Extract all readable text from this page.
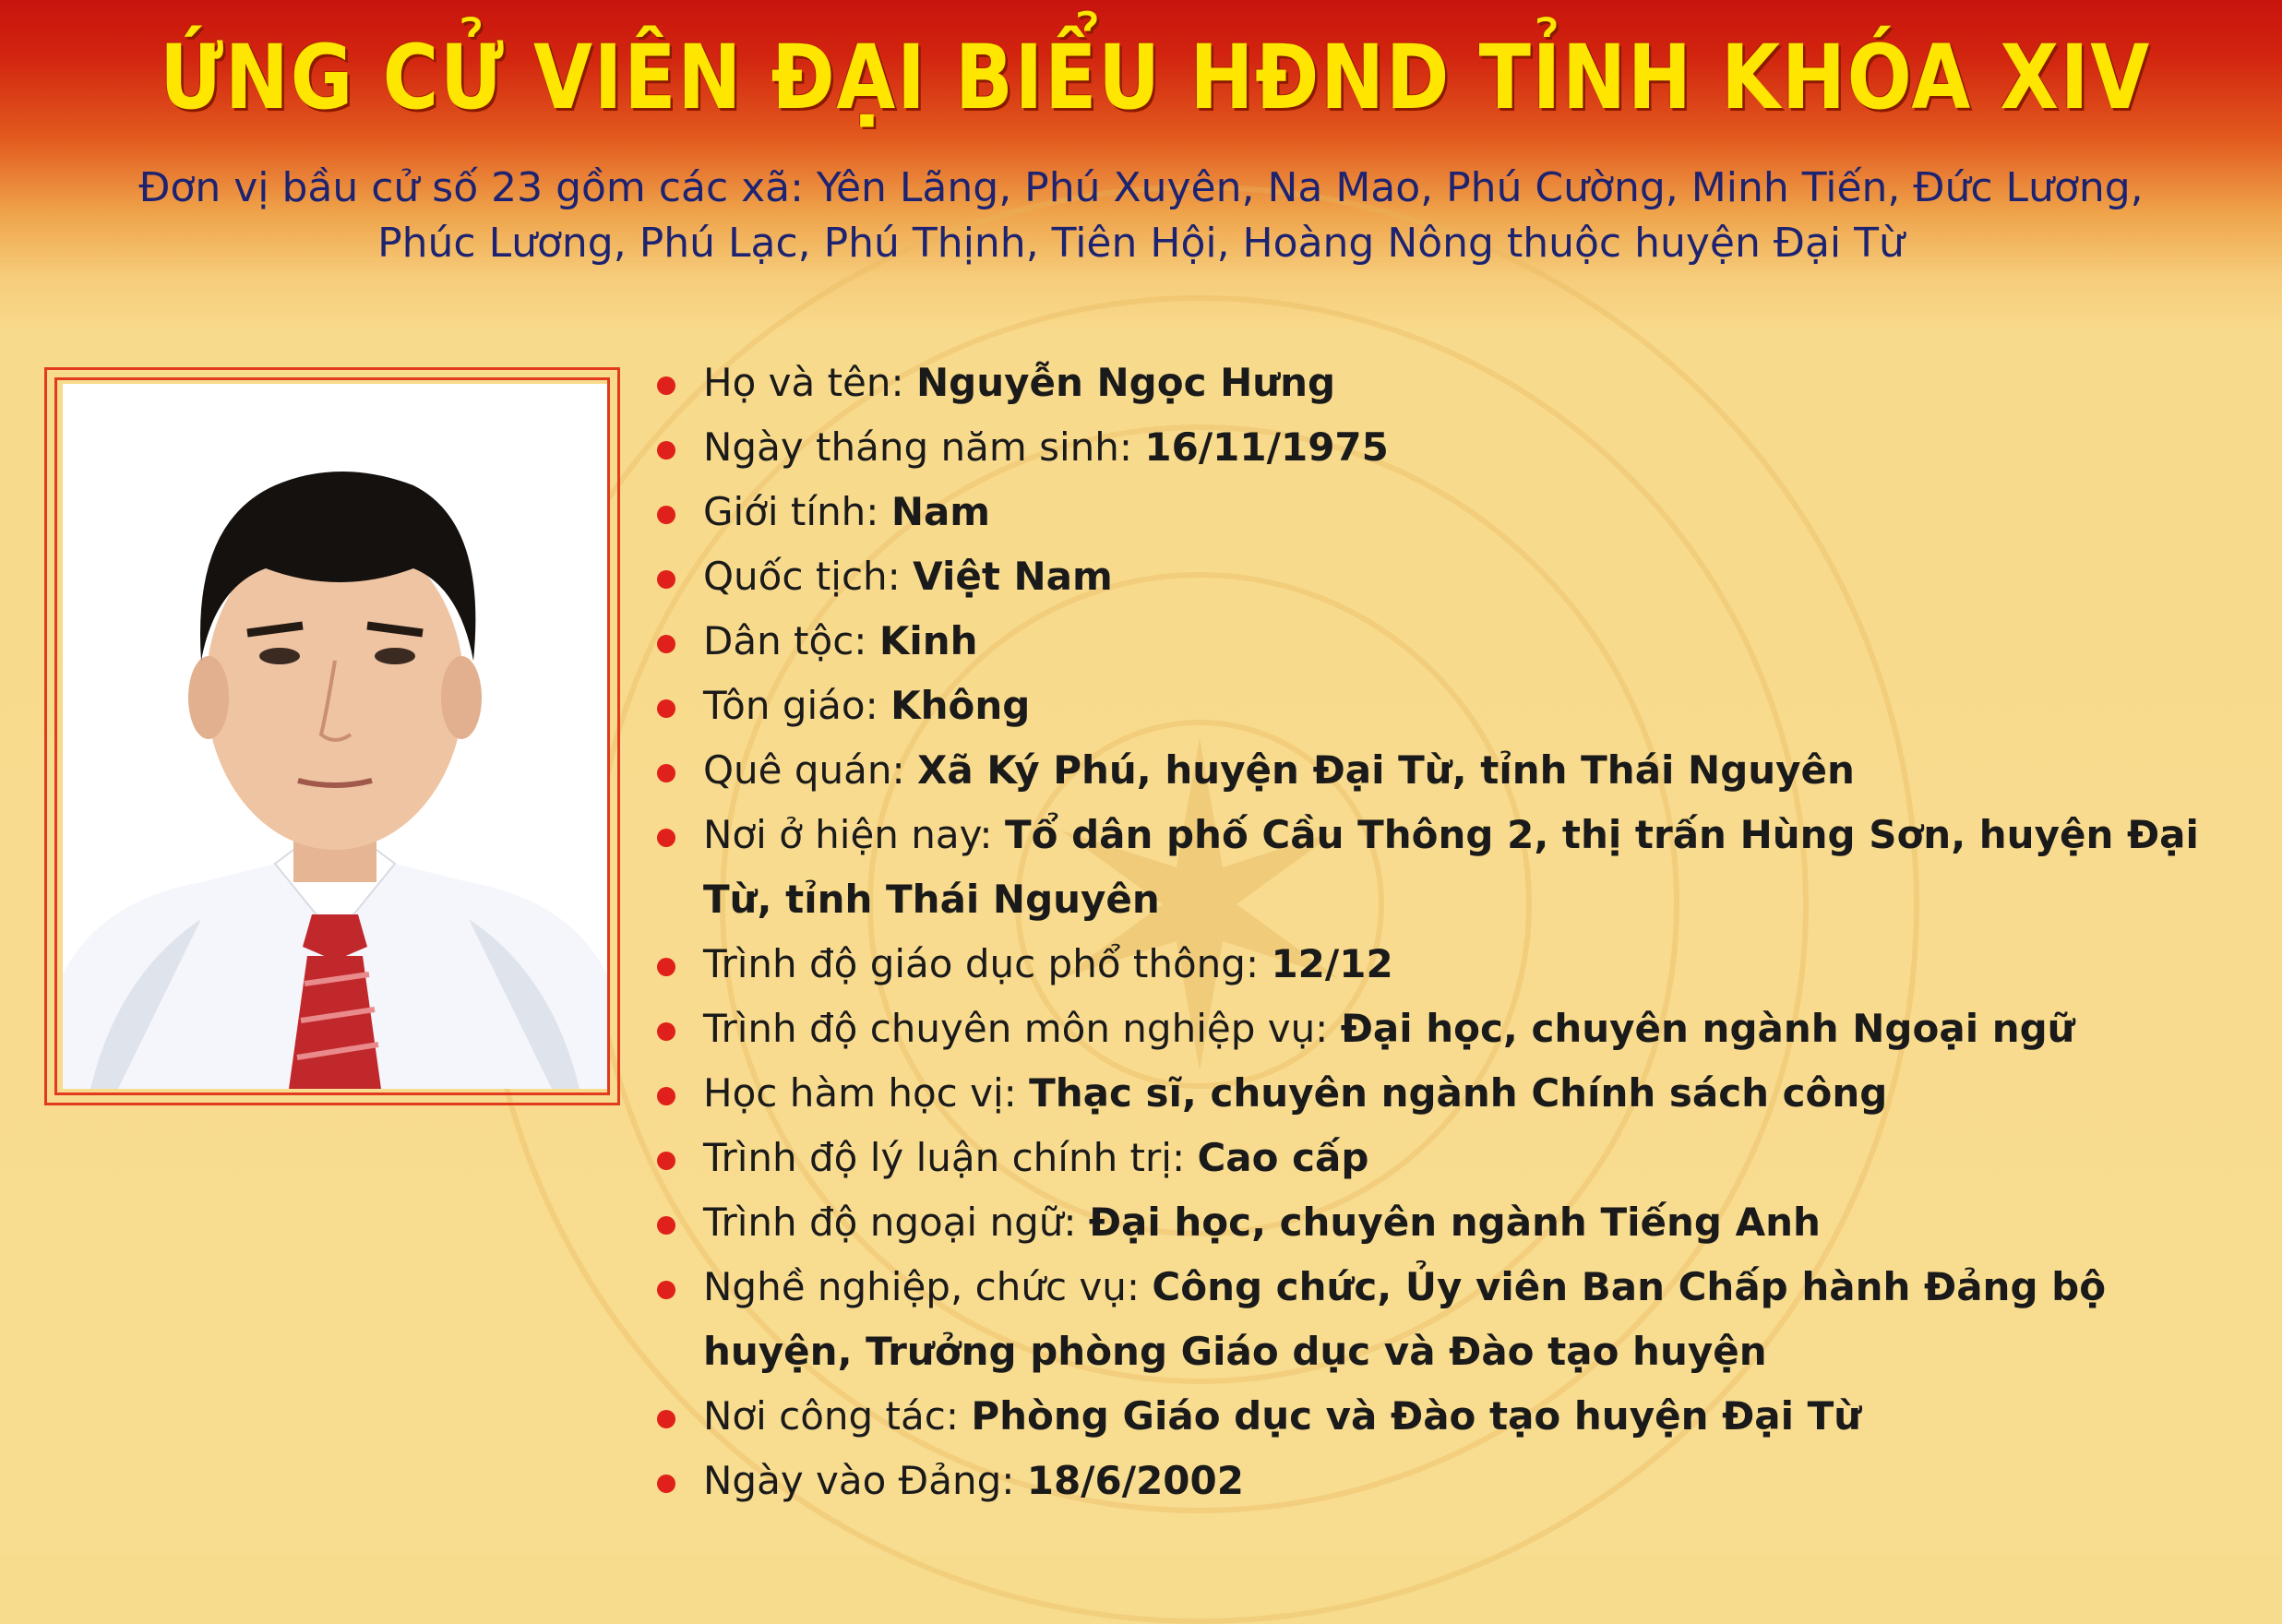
ỨNG CỬ VIÊN ĐẠI BIỂU HĐND TỈNH KHÓA XIV
Đơn vị bầu cử số 23 gồm các xã: Yên Lãng, Phú Xuyên, Na Mao, Phú Cường, Minh Tiến, Đức Lương,
Phúc Lương, Phú Lạc, Phú Thịnh, Tiên Hội, Hoàng Nông thuộc huyện Đại Từ
Họ và tên: Nguyễn Ngọc Hưng
Ngày tháng năm sinh: 16/11/1975
Giới tính: Nam
Quốc tịch: Việt Nam
Dân tộc: Kinh
Tôn giáo: Không
Quê quán: Xã Ký Phú, huyện Đại Từ, tỉnh Thái Nguyên
Nơi ở hiện nay: Tổ dân phố Cầu Thông 2, thị trấn Hùng Sơn, huyện Đại Từ, tỉnh Thái Nguyên
Trình độ giáo dục phổ thông: 12/12
Trình độ chuyên môn nghiệp vụ: Đại học, chuyên ngành Ngoại ngữ
Học hàm học vị: Thạc sĩ, chuyên ngành Chính sách công
Trình độ lý luận chính trị: Cao cấp
Trình độ ngoại ngữ: Đại học, chuyên ngành Tiếng Anh
Nghề nghiệp, chức vụ: Công chức, Ủy viên Ban Chấp hành Đảng bộ huyện, Trưởng phòng Giáo dục và Đào tạo huyện
Nơi công tác: Phòng Giáo dục và Đào tạo huyện Đại Từ
Ngày vào Đảng: 18/6/2002
